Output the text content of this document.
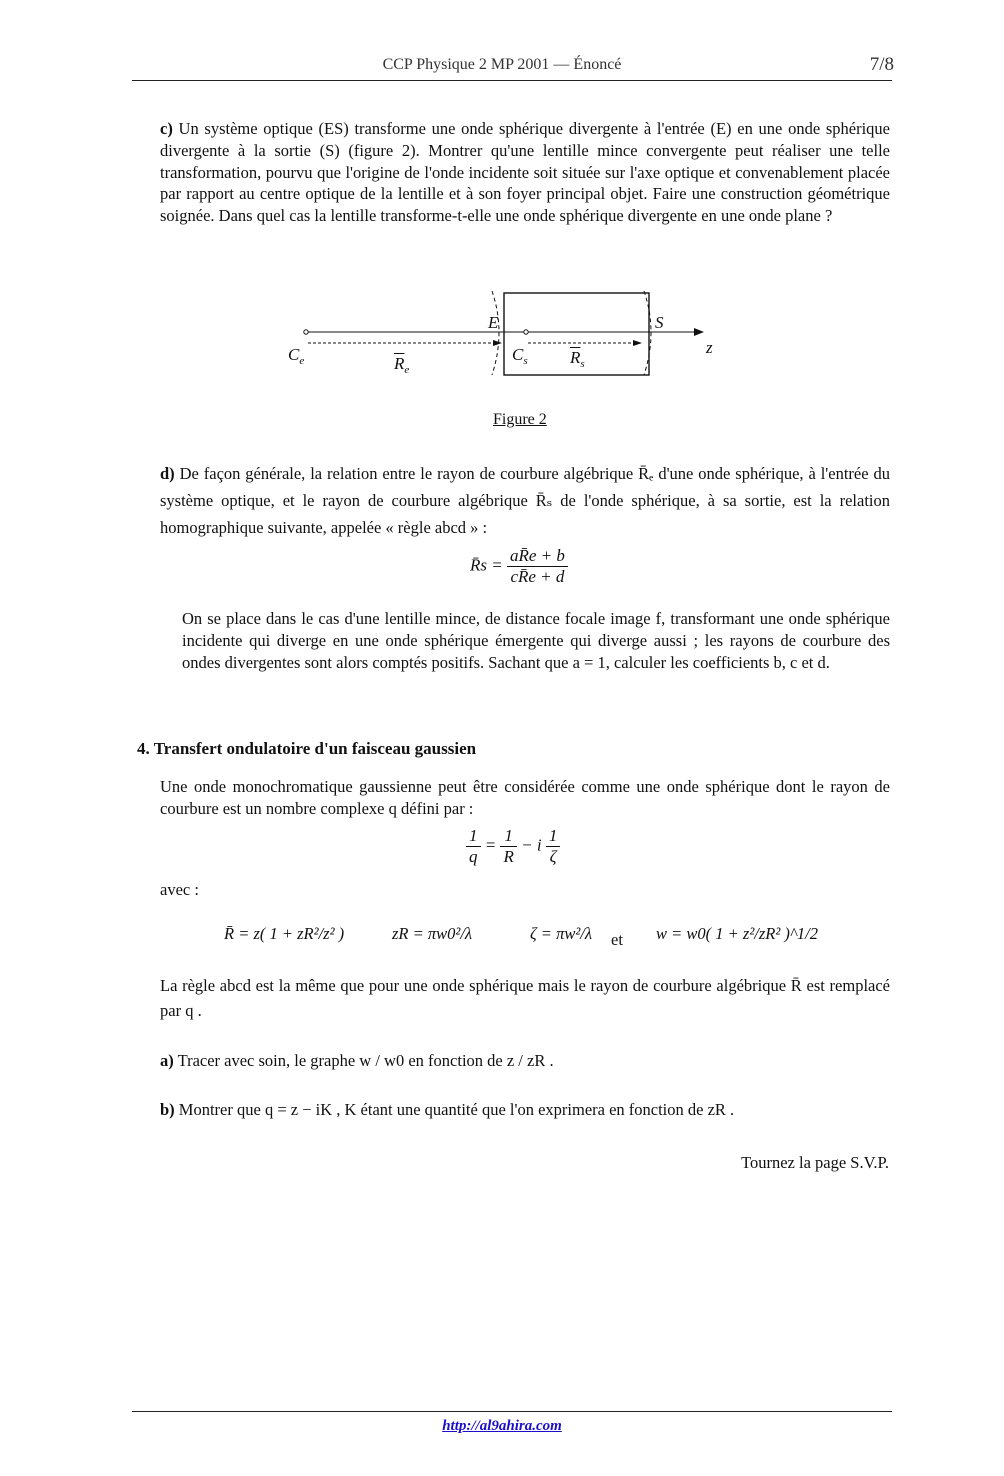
CCP Physique 2 MP 2001 — Énoncé	7/8
c) Un système optique (ES) transforme une onde sphérique divergente à l'entrée (E) en une onde sphérique divergente à la sortie (S) (figure 2). Montrer qu'une lentille mince convergente peut réaliser une telle transformation, pourvu que l'origine de l'onde incidente soit située sur l'axe optique et convenablement placée par rapport au centre optique de la lentille et à son foyer principal objet. Faire une construction géométrique soignée. Dans quel cas la lentille transforme-t-elle une onde sphérique divergente en une onde plane ?
$C_e$	$\overline{R}_e$
E
$C_s$ $\overline{R}_s$
S
z
Figure 2
d) De façon générale, la relation entre le rayon de courbure algébrique R̄ₑ d'une onde sphérique, à l'entrée du système optique, et le rayon de courbure algébrique R̄ₛ de l'onde sphérique, à sa sortie, est la relation homographique suivante, appelée « règle abcd » :
R̄s = $\frac{aR̄e + b}{cR̄e + d}$
On se place dans le cas d'une lentille mince, de distance focale image f, transformant une onde sphérique incidente qui diverge en une onde sphérique émergente qui diverge aussi ; les rayons de courbure des ondes divergentes sont alors comptés positifs. Sachant que a = 1, calculer les coefficients b, c et d.
4. Transfert ondulatoire d'un faisceau gaussien
Une onde monochromatique gaussienne peut être considérée comme une onde sphérique dont le rayon de courbure est un nombre complexe q défini par :
$\frac{1}{q} = \frac{1}{R} - i \frac{1}{\zeta}$
avec :
R̄ = z( 1 + zR²/z² )	zR = πw0²/λ	ζ = πw²/λ et w = w0( 1 + z²/zR² )^1/2
La règle abcd est la même que pour une onde sphérique mais le rayon de courbure algébrique R̄ est remplacé par q .
a) Tracer avec soin, le graphe w / w0 en fonction de z / zR .
b) Montrer que q = z − iK , K étant une quantité que l'on exprimera en fonction de zR .
Tournez la page S.V.P.
http://al9ahira.com
